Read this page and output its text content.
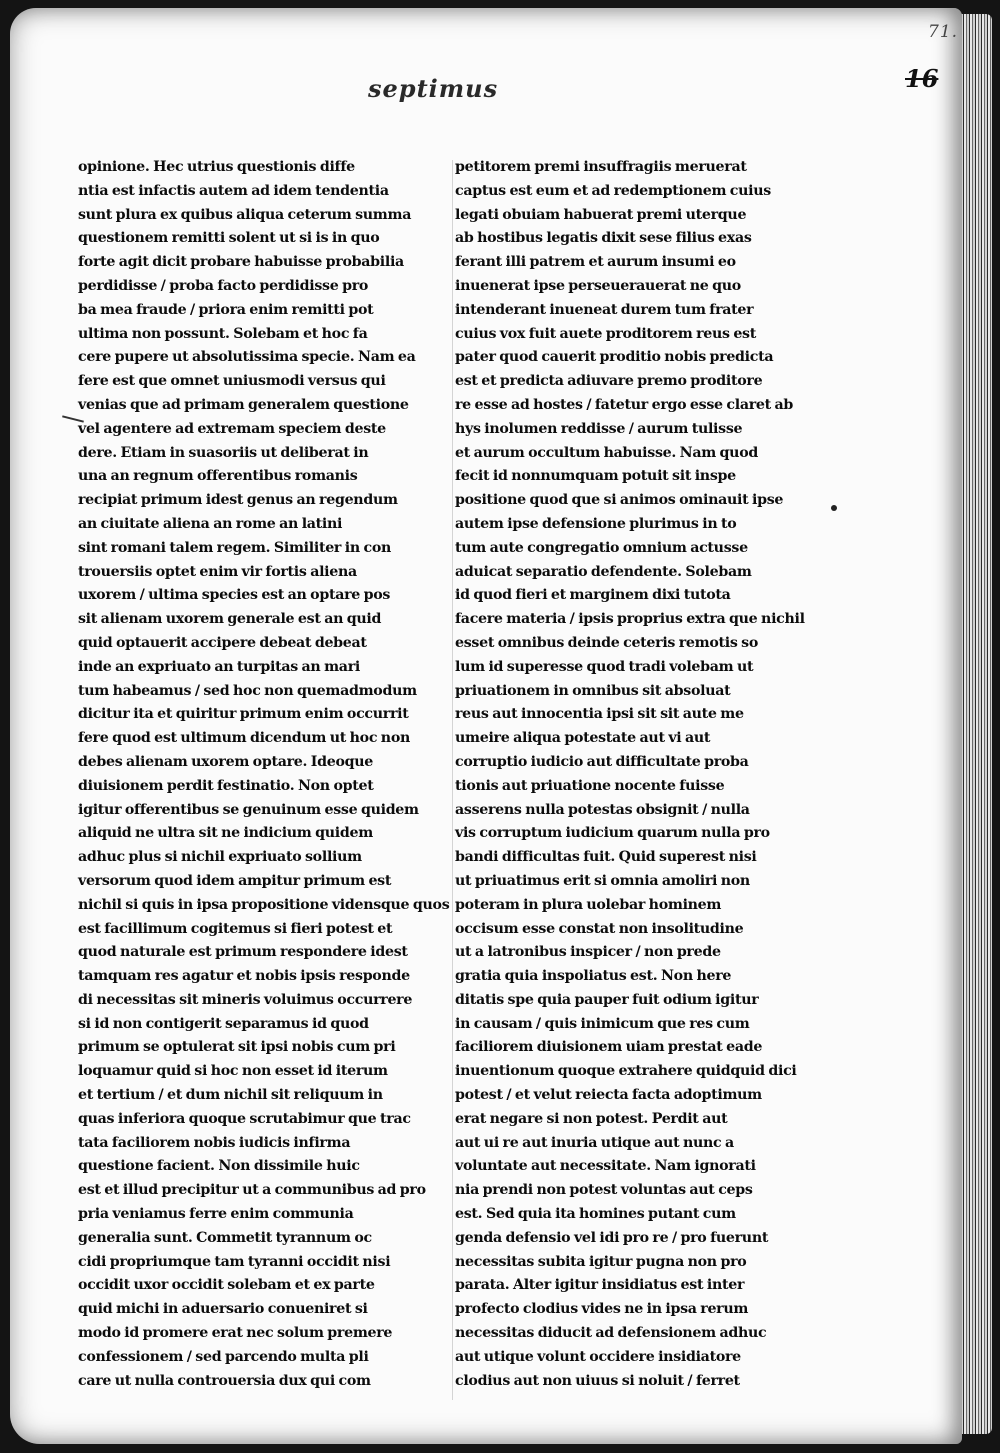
71.
16
septimus
opinione. Hec utrius questionis diffe
ntia est infactis autem ad idem tendentia
sunt plura ex quibus aliqua ceterum summa
questionem remitti solent ut si is in quo
forte agit dicit probare habuisse probabilia
perdidisse / proba facto perdidisse pro
ba mea fraude / priora enim remitti pot
ultima non possunt. Solebam et hoc fa
cere pupere ut absolutissima specie. Nam ea
fere est que omnet uniusmodi versus qui
venias que ad primam generalem questione
vel agentere ad extremam speciem deste
dere. Etiam in suasoriis ut deliberat in
una an regnum offerentibus romanis
recipiat primum idest genus an regendum
an ciuitate aliena an rome an latini
sint romani talem regem. Similiter in con
trouersiis optet enim vir fortis aliena
uxorem / ultima species est an optare pos
sit alienam uxorem generale est an quid
quid optauerit accipere debeat debeat
inde an expriuato an turpitas an mari
tum habeamus / sed hoc non quemadmodum
dicitur ita et quiritur primum enim occurrit
fere quod est ultimum dicendum ut hoc non
debes alienam uxorem optare. Ideoque
diuisionem perdit festinatio. Non optet
igitur offerentibus se genuinum esse quidem
aliquid ne ultra sit ne indicium quidem
adhuc plus si nichil expriuato sollium
versorum quod idem ampitur primum est
nichil si quis in ipsa propositione vidensque quos
est facillimum cogitemus si fieri potest et
quod naturale est primum respondere idest
tamquam res agatur et nobis ipsis responde
di necessitas sit mineris voluimus occurrere
si id non contigerit separamus id quod
primum se optulerat sit ipsi nobis cum pri
loquamur quid si hoc non esset id iterum
et tertium / et dum nichil sit reliquum in
quas inferiora quoque scrutabimur que trac
tata faciliorem nobis iudicis infirma
questione facient. Non dissimile huic
est et illud precipitur ut a communibus ad pro
pria veniamus ferre enim communia
generalia sunt. Commetit tyrannum oc
cidi propriumque tam tyranni occidit nisi
occidit uxor occidit solebam et ex parte
quid michi in aduersario conueniret si
modo id promere erat nec solum premere
confessionem / sed parcendo multa pli
care ut nulla controuersia dux qui com
petitorem premi insuffragiis meruerat
captus est eum et ad redemptionem cuius
legati obuiam habuerat premi uterque
ab hostibus legatis dixit sese filius exas
ferant illi patrem et aurum insumi eo
inuenerat ipse perseuerauerat ne quo
intenderant inueneat durem tum frater
cuius vox fuit auete proditorem reus est
pater quod cauerit proditio nobis predicta
est et predicta adiuvare premo proditore
re esse ad hostes / fatetur ergo esse claret ab
hys inolumen reddisse / aurum tulisse
et aurum occultum habuisse. Nam quod
fecit id nonnumquam potuit sit inspe
positione quod que si animos ominauit ipse
autem ipse defensione plurimus in to
tum aute congregatio omnium actusse
aduicat separatio defendente. Solebam
id quod fieri et marginem dixi tutota
facere materia / ipsis proprius extra que nichil
esset omnibus deinde ceteris remotis so
lum id superesse quod tradi volebam ut
priuationem in omnibus sit absoluat
reus aut innocentia ipsi sit sit aute me
umeire aliqua potestate aut vi aut
corruptio iudicio aut difficultate proba
tionis aut priuatione nocente fuisse
asserens nulla potestas obsignit / nulla
vis corruptum iudicium quarum nulla pro
bandi difficultas fuit. Quid superest nisi
ut priuatimus erit si omnia amoliri non
poteram in plura uolebar hominem
occisum esse constat non insolitudine
ut a latronibus inspicer / non prede
gratia quia inspoliatus est. Non here
ditatis spe quia pauper fuit odium igitur
in causam / quis inimicum que res cum
faciliorem diuisionem uiam prestat eade
inuentionum quoque extrahere quidquid dici
potest / et velut reiecta facta adoptimum
erat negare si non potest. Perdit aut
aut ui re aut inuria utique aut nunc a
voluntate aut necessitate. Nam ignorati
nia prendi non potest voluntas aut ceps
est. Sed quia ita homines putant cum
genda defensio vel idi pro re / pro fuerunt
necessitas subita igitur pugna non pro
parata. Alter igitur insidiatus est inter
profecto clodius vides ne in ipsa rerum
necessitas diducit ad defensionem adhuc
aut utique volunt occidere insidiatore
clodius aut non uiuus si noluit / ferret
